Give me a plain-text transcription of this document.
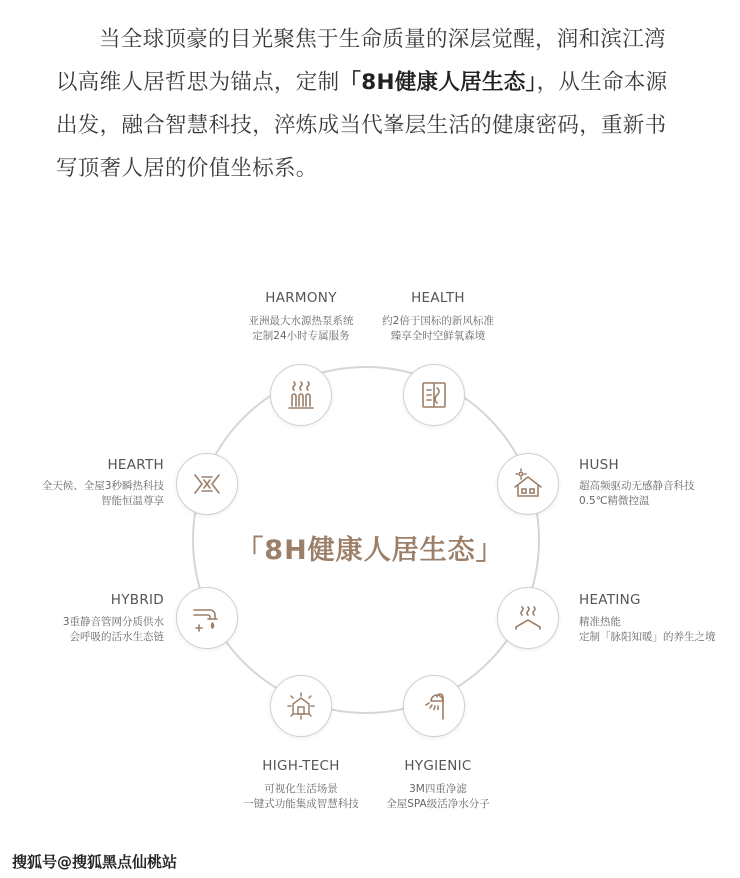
当全球顶豪的目光聚焦于生命质量的深层觉醒，润和滨江湾

以高维人居哲思为锚点，定制「8H健康人居生态」，从生命本源

出发，融合智慧科技，淬炼成当代峯层生活的健康密码，重新书

写顶奢人居的价值坐标系。

「8H健康人居生态」
HARMONY
亚洲最大水源热泵系统
定制24小时专属服务
HEALTH
约2倍于国标的新风标准
臻享全时空鲜氧森境
HUSH
超高频驱动无感静音科技
0.5℃精微控温
HEATING
精准热能
定制「脉阳知暖」的养生之境
HYGIENIC
3M四重净滤
全屋SPA级活净水分子
HIGH-TECH
可视化生活场景
一键式功能集成智慧科技
HYBRID
3重静音管网分质供水
会呼吸的活水生态链
HEARTH
全天候、全屋3秒瞬热科技
智能恒温尊享
搜狐号@搜狐黑点仙桃站
